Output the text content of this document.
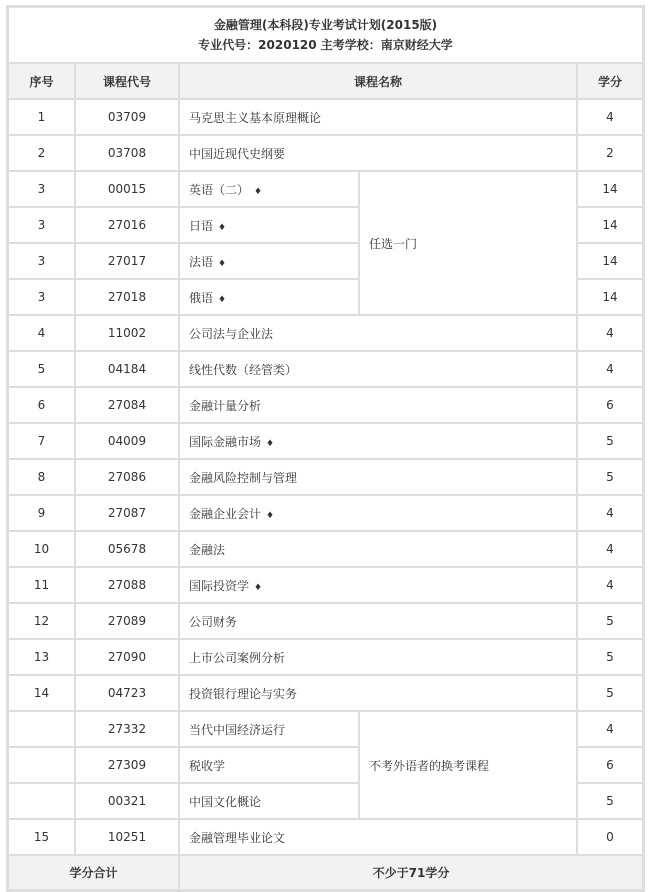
金融管理(本科段)专业考试计划(2015版)
专业代号：2020120 主考学校：南京财经大学				

序号	课程代号	课程名称		学分
1	03709	马克思主义基本原理概论		4
2	03708	中国近现代史纲要		2
3	00015	英语（二） ♦	任选一门	14
3	27016	日语 ♦		14
3	27017	法语 ♦		14
3	27018	俄语 ♦		14
4	11002	公司法与企业法		4
5	04184	线性代数（经管类）		4
6	27084	金融计量分析		6
7	04009	国际金融市场 ♦		5
8	27086	金融风险控制与管理		5
9	27087	金融企业会计 ♦		4
10	05678	金融法		4
11	27088	国际投资学 ♦		4
12	27089	公司财务		5
13	27090	上市公司案例分析		5
14	04723	投资银行理论与实务		5
	27332	当代中国经济运行	不考外语者的换考课程	4
	27309	税收学		6
	00321	中国文化概论		5
15	10251	金融管理毕业论文		0
学分合计		不少于71学分		
